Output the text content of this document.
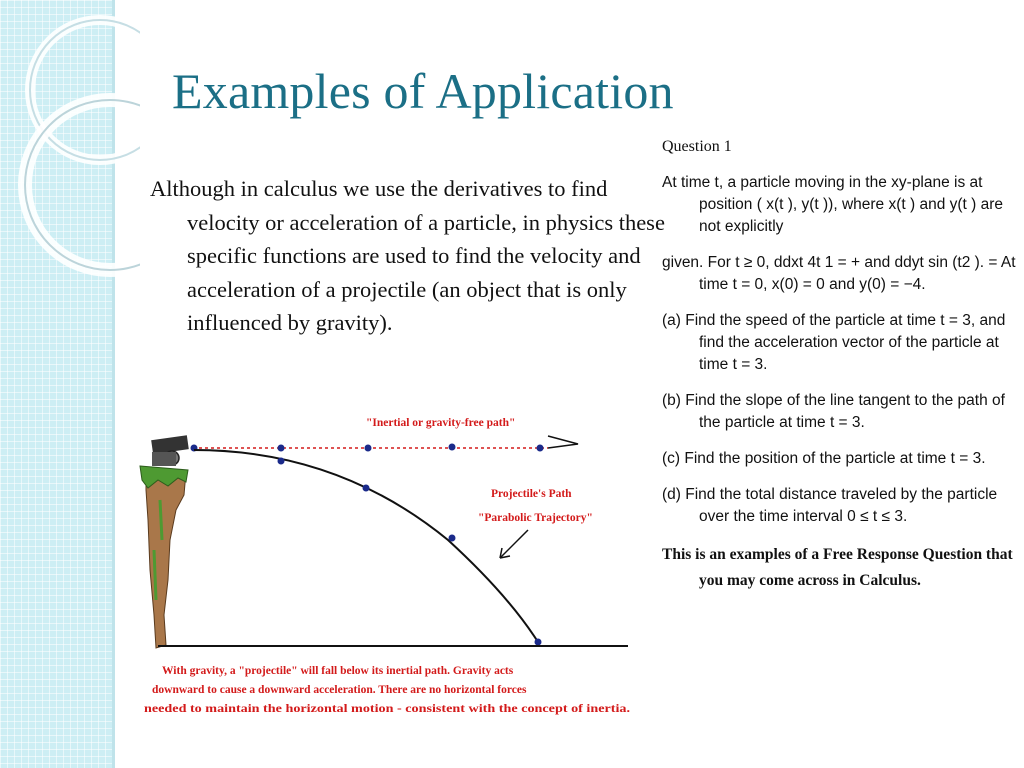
Examples of Application
Although in calculus we use the derivatives to find velocity or acceleration of a particle, in physics these specific functions are used to find the velocity and acceleration of a projectile (an object that is only influenced by gravity).
Question 1
At time t, a particle moving in the xy-plane is at position ( x(t ), y(t )), where x(t ) and y(t ) are not explicitly
given. For t ≥ 0, ddxt 4t 1 = + and ddyt sin (t2 ). = At time t = 0, x(0) = 0 and y(0) = −4.
(a) Find the speed of the particle at time t = 3, and find the acceleration vector of the particle at time t = 3.
(b) Find the slope of the line tangent to the path of the particle at time t = 3.
(c) Find the position of the particle at time t = 3.
(d) Find the total distance traveled by the particle over the time interval 0 ≤ t ≤ 3.
This is an examples of a Free Response Question that you may come across in Calculus.
"Inertial or gravity-free path"
Projectile's Path
"Parabolic Trajectory"
With gravity, a "projectile" will fall below its inertial path. Gravity acts
downward to cause a downward acceleration. There are no horizontal forces
needed to maintain the horizontal motion - consistent with the concept of inertia.
